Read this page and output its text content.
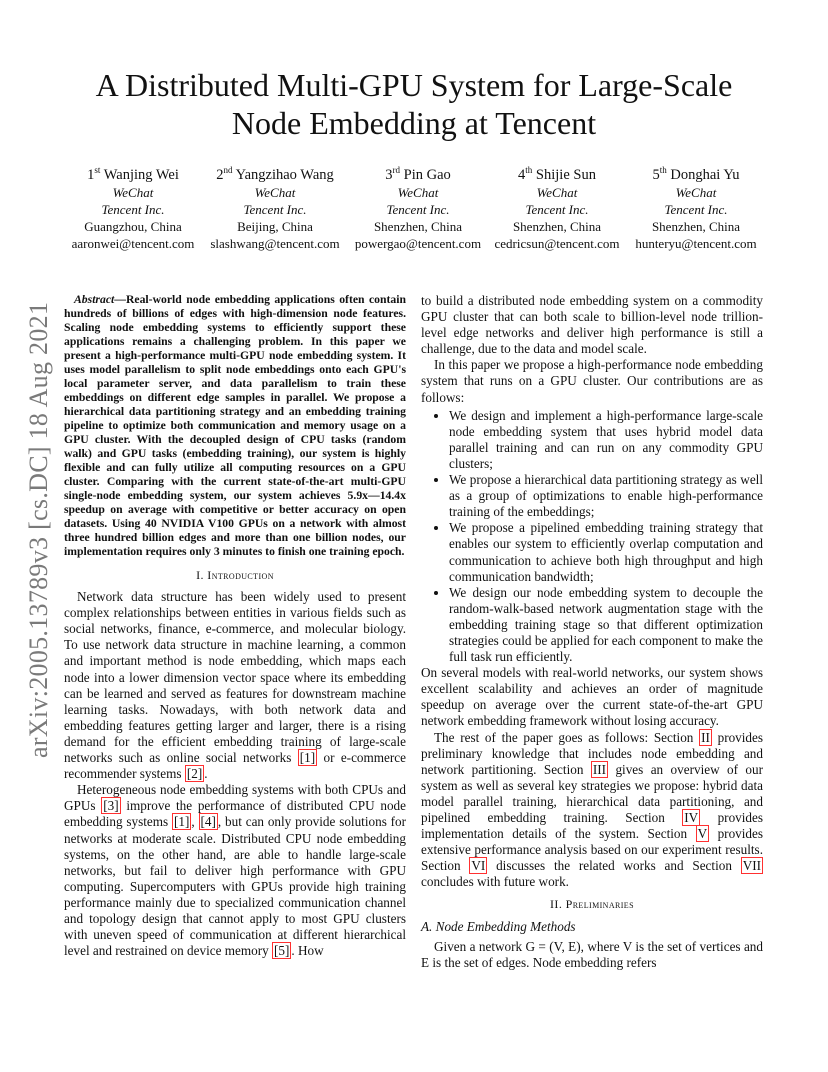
A Distributed Multi-GPU System for Large-Scale
Node Embedding at Tencent
1st Wanjing Wei
WeChat
Tencent Inc.
Guangzhou, China
aaronwei@tencent.com
2nd Yangzihao Wang
WeChat
Tencent Inc.
Beijing, China
slashwang@tencent.com
3rd Pin Gao
WeChat
Tencent Inc.
Shenzhen, China
powergao@tencent.com
4th Shijie Sun
WeChat
Tencent Inc.
Shenzhen, China
cedricsun@tencent.com
5th Donghai Yu
WeChat
Tencent Inc.
Shenzhen, China
hunteryu@tencent.com
arXiv:2005.13789v3 [cs.DC] 18 Aug 2021
Abstract—Real-world node embedding applications often contain hundreds of billions of edges with high-dimension node features. Scaling node embedding systems to efficiently support these applications remains a challenging problem. In this paper we present a high-performance multi-GPU node embedding system. It uses model parallelism to split node embeddings onto each GPU's local parameter server, and data parallelism to train these embeddings on different edge samples in parallel. We propose a hierarchical data partitioning strategy and an embedding training pipeline to optimize both communication and memory usage on a GPU cluster. With the decoupled design of CPU tasks (random walk) and GPU tasks (embedding training), our system is highly flexible and can fully utilize all computing resources on a GPU cluster. Comparing with the current state-of-the-art multi-GPU single-node embedding system, our system achieves 5.9x—14.4x speedup on average with competitive or better accuracy on open datasets. Using 40 NVIDIA V100 GPUs on a network with almost three hundred billion edges and more than one billion nodes, our implementation requires only 3 minutes to finish one training epoch.
I. Introduction

Network data structure has been widely used to present complex relationships between entities in various fields such as social networks, finance, e-commerce, and molecular biology. To use network data structure in machine learning, a common and important method is node embedding, which maps each node into a lower dimension vector space where its embedding can be learned and served as features for downstream machine learning tasks. Nowadays, with both network data and embedding features getting larger and larger, there is a rising demand for the efficient embedding training of large-scale networks such as online social networks [1] or e-commerce recommender systems [2] .

Heterogeneous node embedding systems with both CPUs and GPUs [3] improve the performance of distributed CPU node embedding systems [1] , [4] , but can only provide solutions for networks at moderate scale. Distributed CPU node embedding systems, on the other hand, are able to handle large-scale networks, but fail to deliver high performance with GPU computing. Supercomputers with GPUs provide high training performance mainly due to specialized communication channel and topology design that cannot apply to most GPU clusters with uneven speed of communication at different hierarchical level and restrained on device memory [5] . How

to build a distributed node embedding system on a commodity GPU cluster that can both scale to billion-level node trillion-level edge networks and deliver high performance is still a challenge, due to the data and model scale.

In this paper we propose a high-performance node embedding system that runs on a GPU cluster. Our contributions are as follows:

• We design and implement a high-performance large-scale node embedding system that uses hybrid model data parallel training and can run on any commodity GPU clusters;
• We propose a hierarchical data partitioning strategy as well as a group of optimizations to enable high-performance training of the embeddings;
• We propose a pipelined embedding training strategy that enables our system to efficiently overlap computation and communication to achieve both high throughput and high communication bandwidth;
• We design our node embedding system to decouple the random-walk-based network augmentation stage with the embedding training stage so that different optimization strategies could be applied for each component to make the full task run efficiently.

On several models with real-world networks, our system shows excellent scalability and achieves an order of magnitude speedup on average over the current state-of-the-art GPU network embedding framework without losing accuracy.

The rest of the paper goes as follows: Section II provides preliminary knowledge that includes node embedding and network partitioning. Section III gives an overview of our system as well as several key strategies we propose: hybrid data model parallel training, hierarchical data partitioning, and pipelined embedding training. Section IV provides implementation details of the system. Section V provides extensive performance analysis based on our experiment results. Section VI discusses the related works and Section VII concludes with future work.

II. Preliminaries
A. Node Embedding Methods

Given a network G = (V, E), where V is the set of vertices and E is the set of edges. Node embedding refers
